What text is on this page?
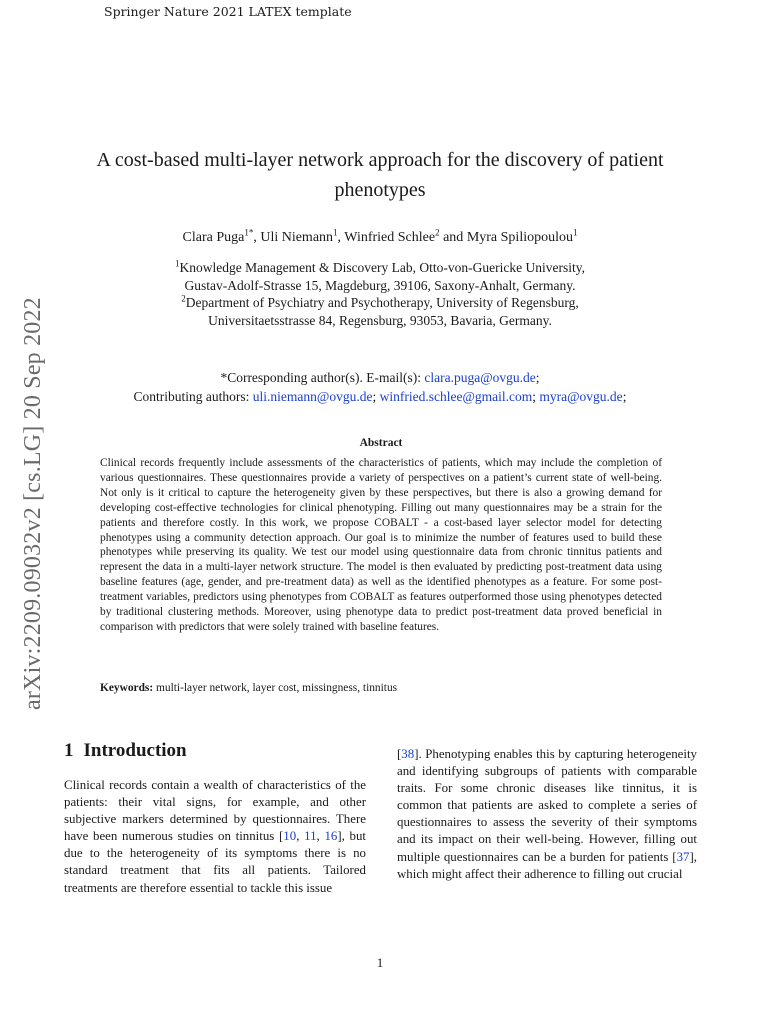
Springer Nature 2021 LATEX template
arXiv:2209.09032v2 [cs.LG] 20 Sep 2022
A cost-based multi-layer network approach for the discovery of patient phenotypes
Clara Puga$^{1*}$, Uli Niemann$^1$, Winfried Schlee$^2$ and Myra Spiliopoulou$^1$
$^1$Knowledge Management & Discovery Lab, Otto-von-Guericke University,
Gustav-Adolf-Strasse 15, Magdeburg, 39106, Saxony-Anhalt, Germany.
$^2$Department of Psychiatry and Psychotherapy, University of Regensburg,
Universitaetsstrasse 84, Regensburg, 93053, Bavaria, Germany.
*Corresponding author(s). E-mail(s): clara.puga@ovgu.de;
Contributing authors: uli.niemann@ovgu.de; winfried.schlee@gmail.com; myra@ovgu.de;
Abstract
Clinical records frequently include assessments of the characteristics of patients, which may include the completion of various questionnaires. These questionnaires provide a variety of perspectives on a patient’s current state of well-being. Not only is it critical to capture the heterogeneity given by these perspectives, but there is also a growing demand for developing cost-effective technologies for clinical phenotyping. Filling out many questionnaires may be a strain for the patients and therefore costly. In this work, we propose COBALT - a cost-based layer selector model for detecting phenotypes using a community detection approach. Our goal is to minimize the number of features used to build these phenotypes while preserving its quality. We test our model using questionnaire data from chronic tinnitus patients and represent the data in a multi-layer network structure. The model is then evaluated by predicting post-treatment data using baseline features (age, gender, and pre-treatment data) as well as the identified phenotypes as a feature. For some post-treatment variables, predictors using phenotypes from COBALT as features outperformed those using phenotypes detected by traditional clustering methods. Moreover, using phenotype data to predict post-treatment data proved beneficial in comparison with predictors that were solely trained with baseline features.
Keywords: multi-layer network, layer cost, missingness, tinnitus
1 Introduction
Clinical records contain a wealth of characteristics of the patients: their vital signs, for example, and other subjective markers determined by questionnaires. There have been numerous studies on tinnitus [10, 11, 16], but due to the heterogeneity of its symptoms there is no standard treatment that fits all patients. Tailored treatments are therefore essential to tackle this issue
[38]. Phenotyping enables this by capturing heterogeneity and identifying subgroups of patients with comparable traits. For some chronic diseases like tinnitus, it is common that patients are asked to complete a series of questionnaires to assess the severity of their symptoms and its impact on their well-being. However, filling out multiple questionnaires can be a burden for patients [37], which might affect their adherence to filling out crucial
1
